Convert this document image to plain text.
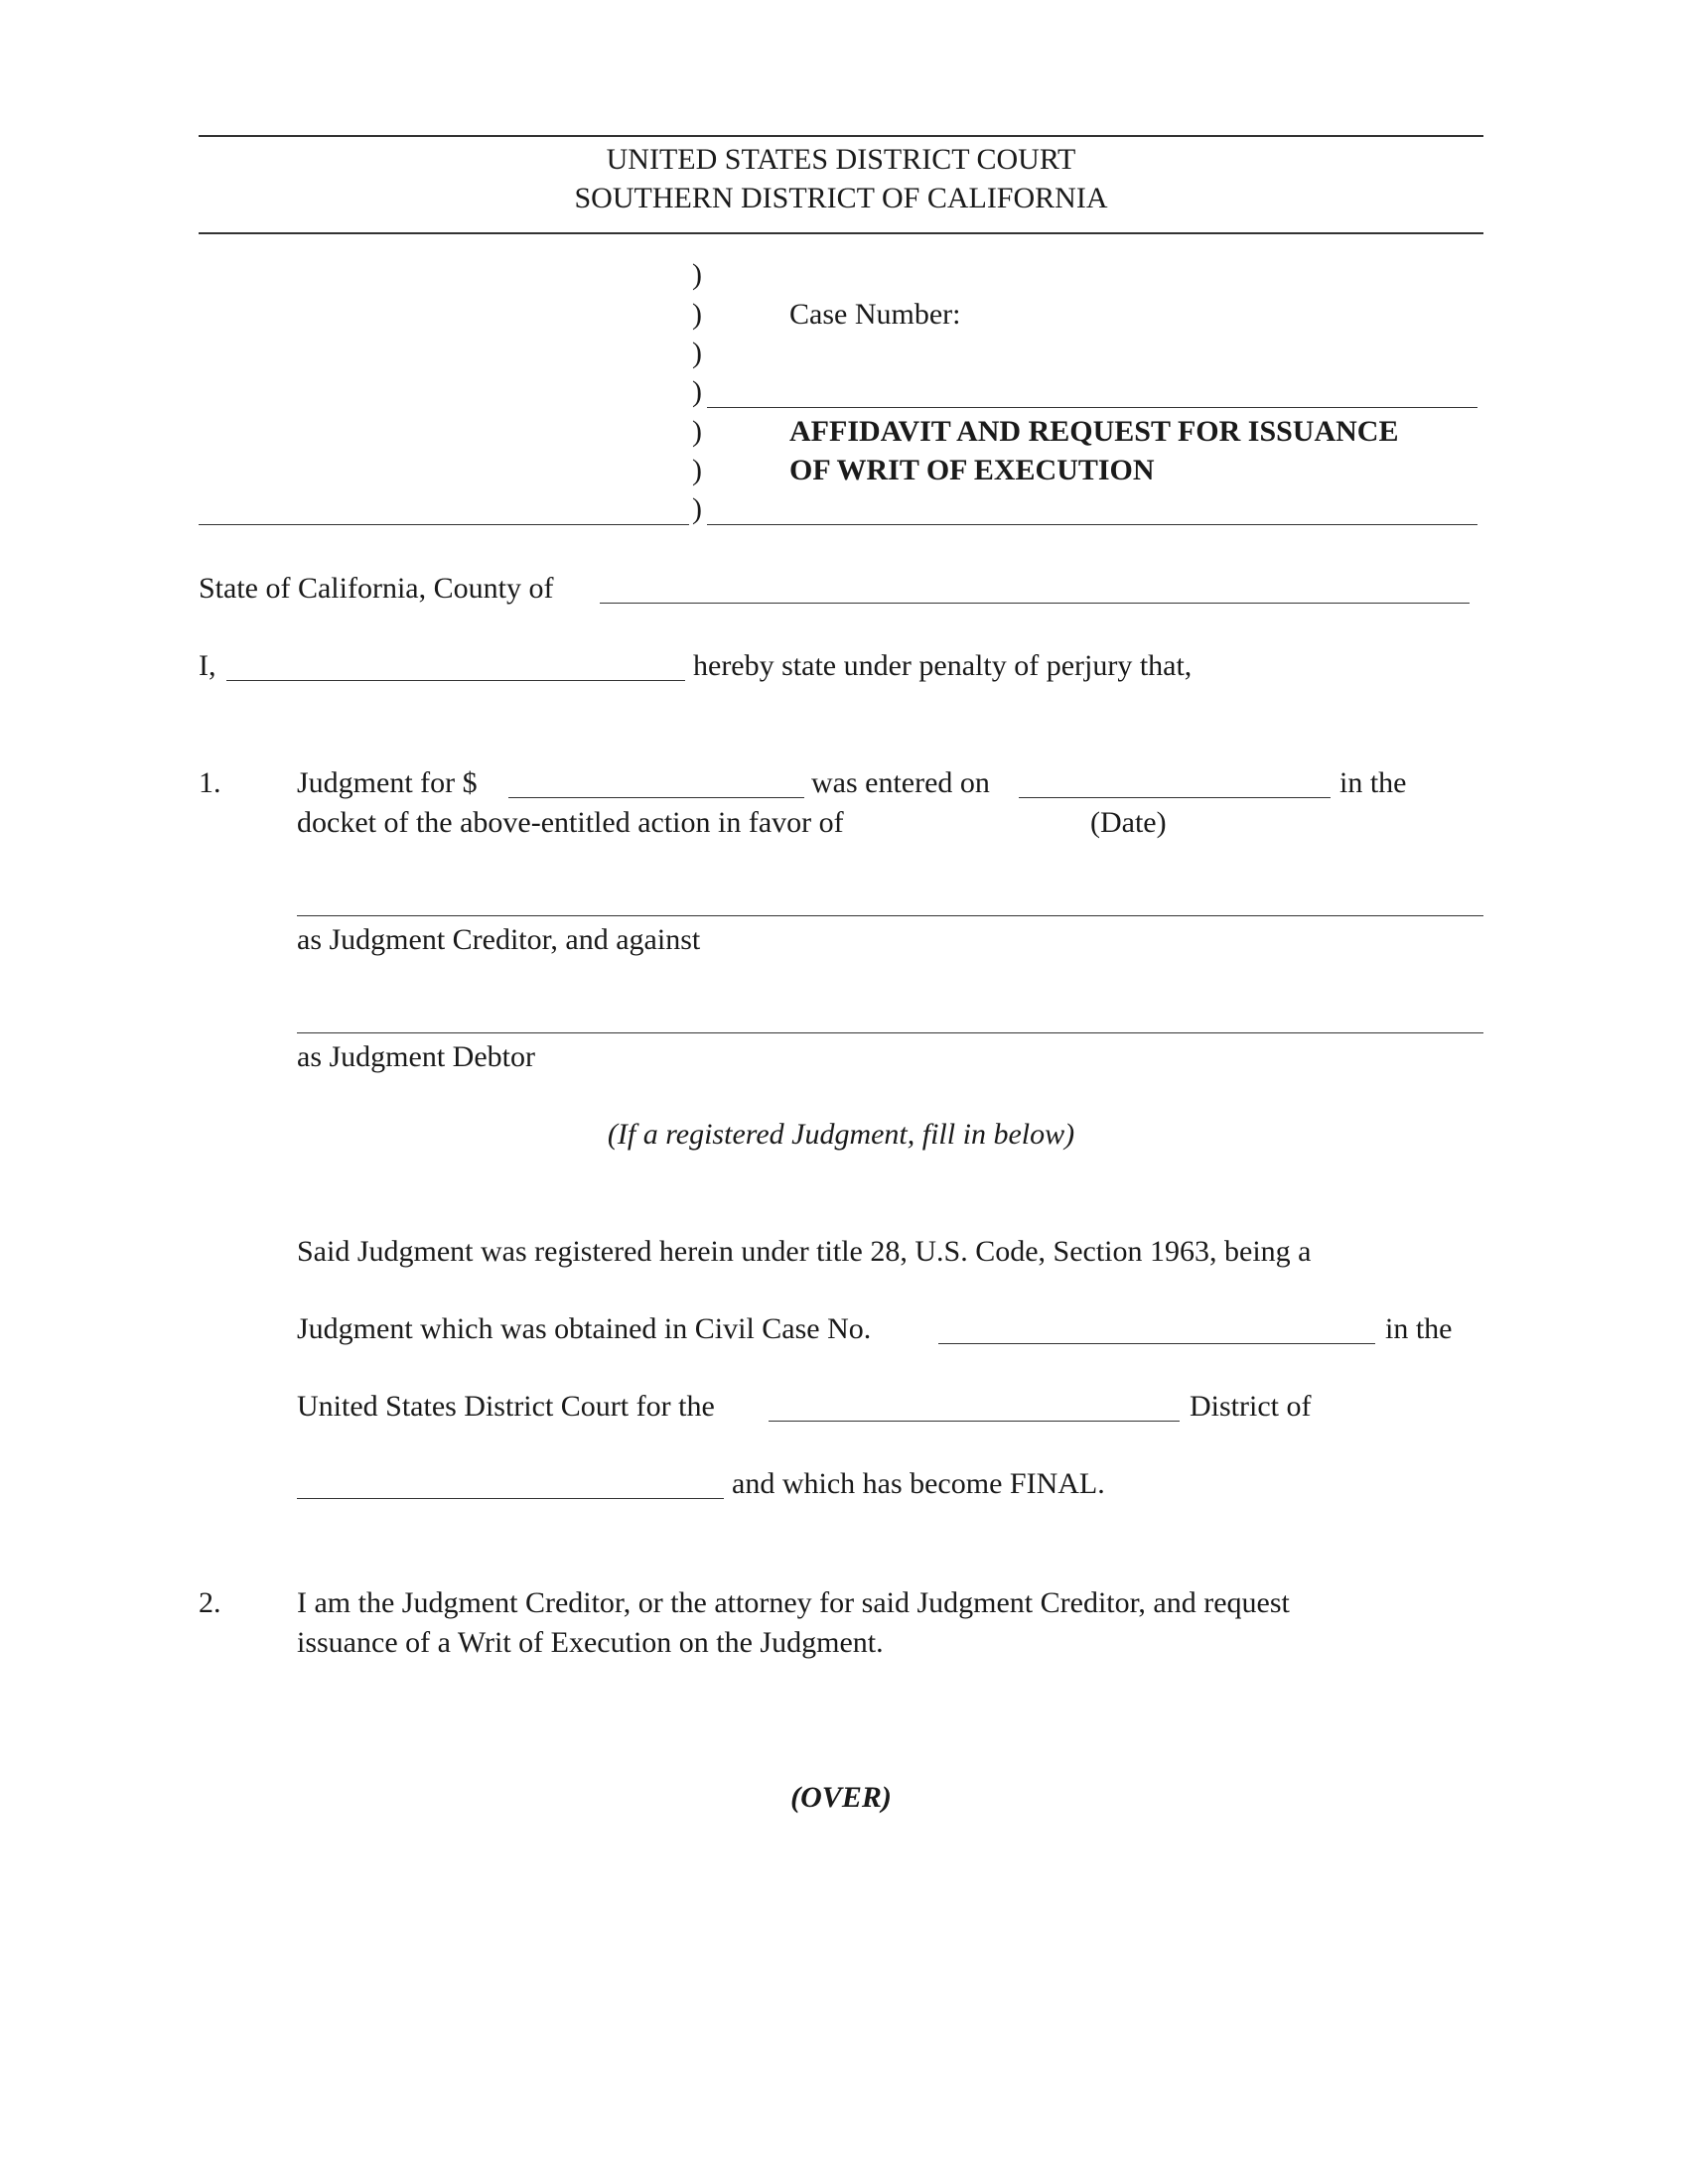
UNITED STATES DISTRICT COURT
SOUTHERN DISTRICT OF CALIFORNIA
)
)
)
)
)
)
)
Case Number:
AFFIDAVIT AND REQUEST FOR ISSUANCE
OF WRIT OF EXECUTION
State of California, County of
I,	hereby state under penalty of perjury that,
1.	Judgment for $	was entered on	in the
docket of the above-entitled action in favor of	(Date)
as Judgment Creditor, and against
as Judgment Debtor
(If a registered Judgment, fill in below)
Said Judgment was registered herein under title 28, U.S. Code, Section 1963, being a
Judgment which was obtained in Civil Case No.	in the
United States District Court for the	District of
and which has become FINAL.
2.	I am the Judgment Creditor, or the attorney for said Judgment Creditor, and request
issuance of a Writ of Execution on the Judgment.
(OVER)
